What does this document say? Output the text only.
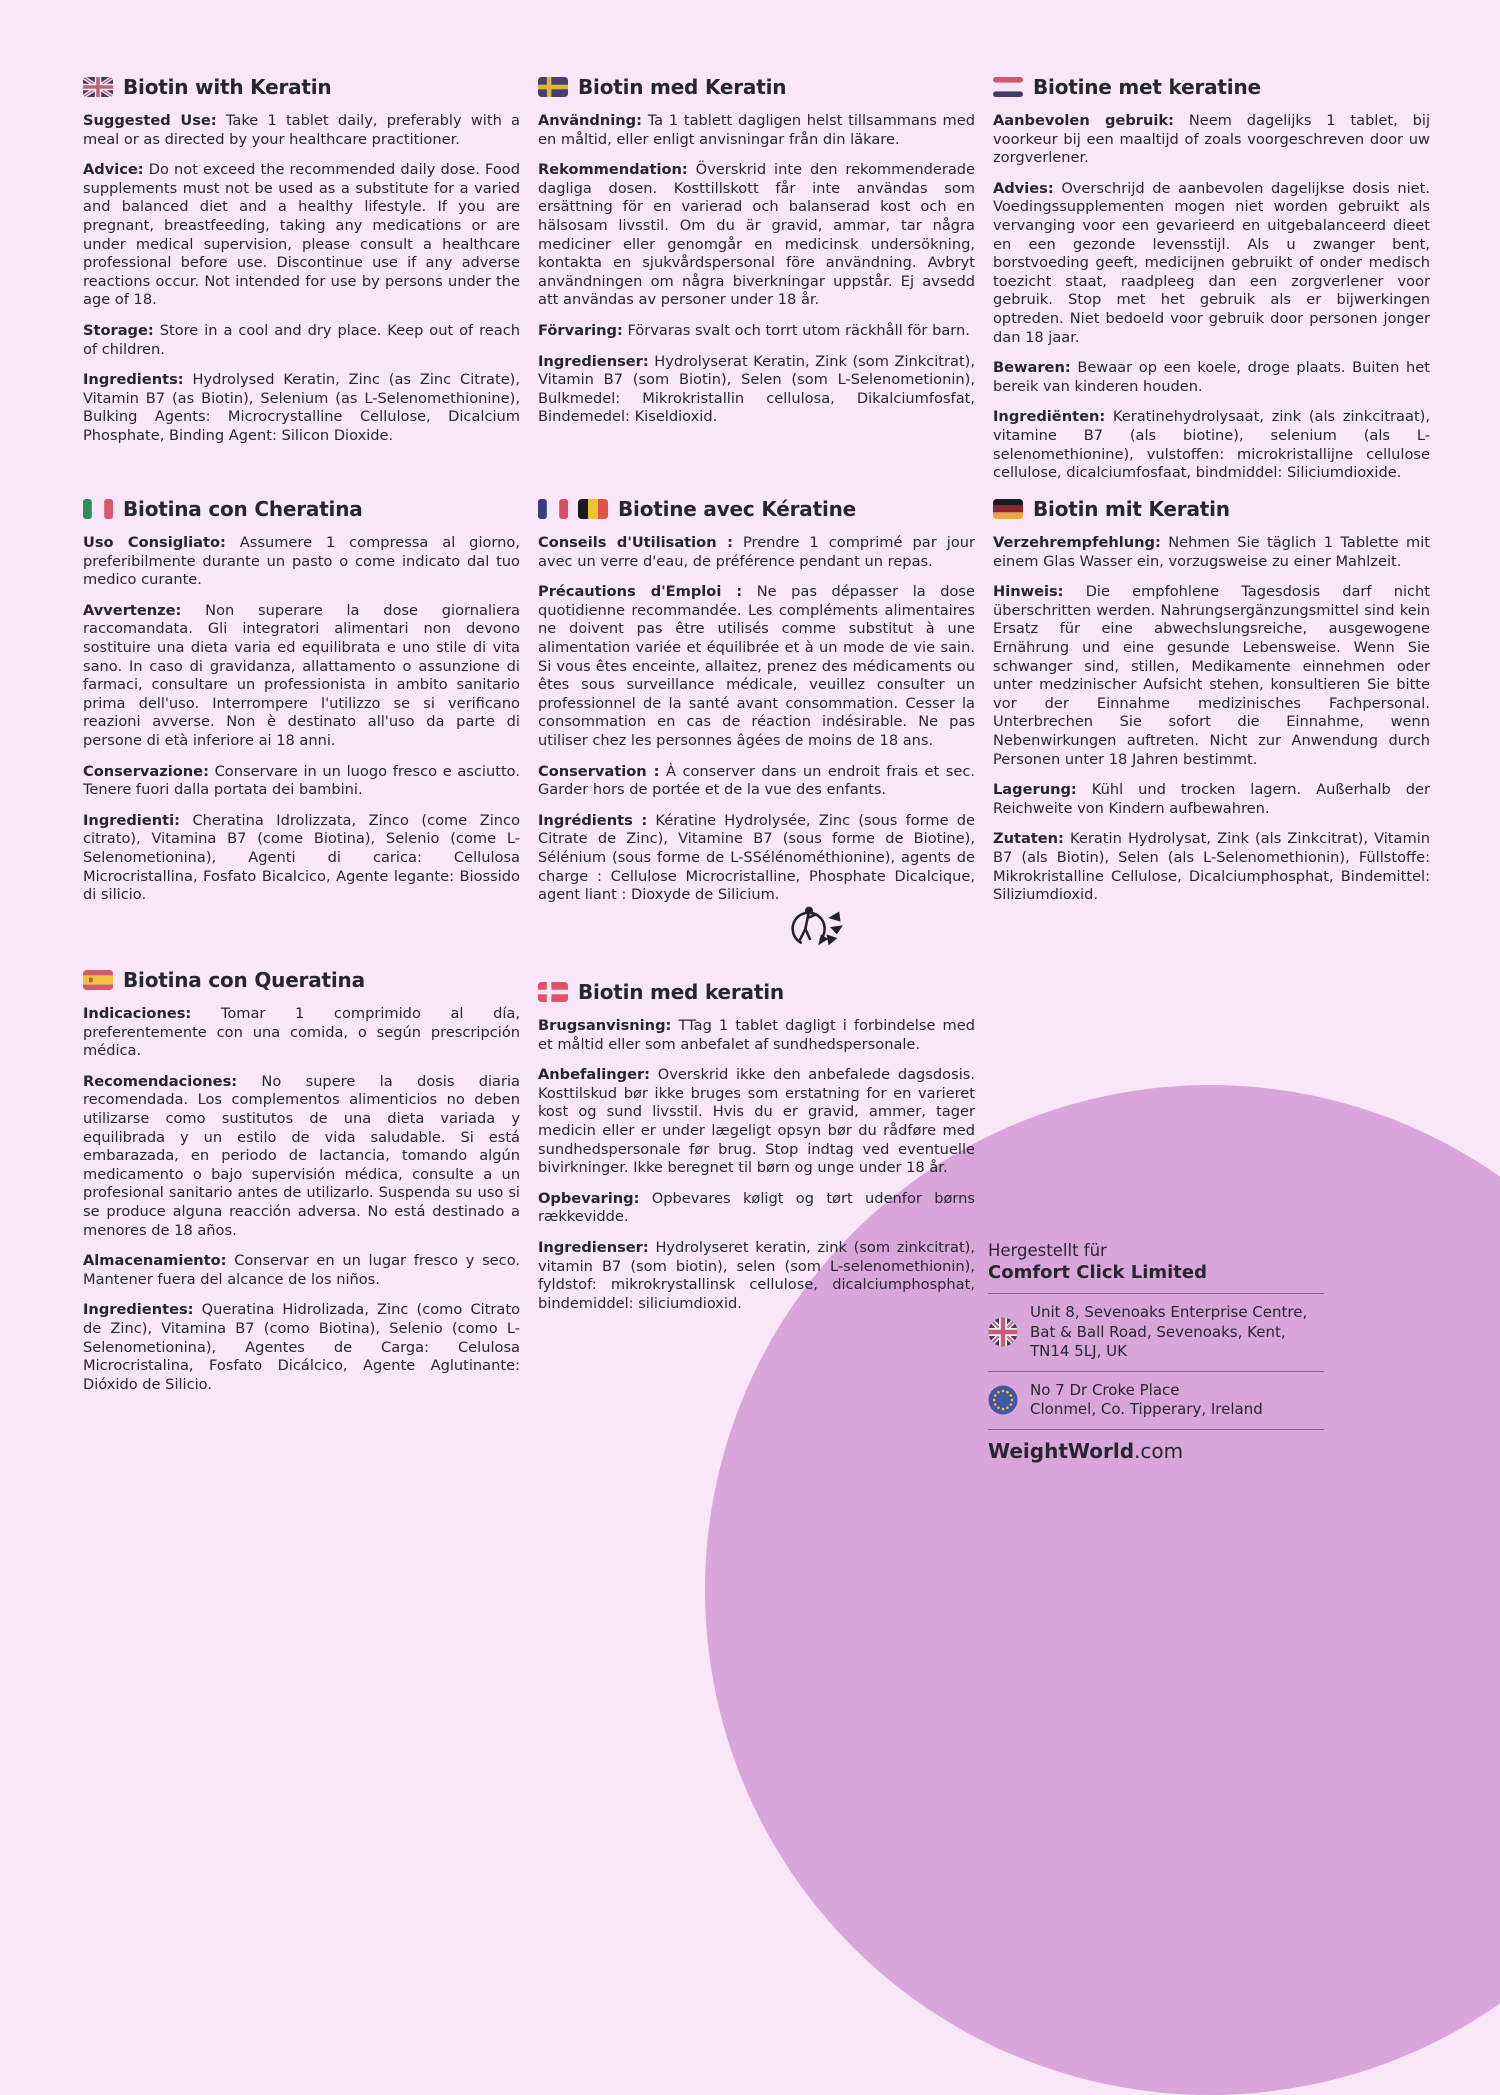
Biotin with Keratin

Suggested Use: Take 1 tablet daily, preferably with a meal or as directed by your healthcare practitioner.

Advice: Do not exceed the recommended daily dose. Food supplements must not be used as a substitute for a varied and balanced diet and a healthy lifestyle. If you are pregnant, breastfeeding, taking any medications or are under medical supervision, please consult a healthcare professional before use. Discontinue use if any adverse reactions occur. Not intended for use by persons under the age of 18.

Storage: Store in a cool and dry place. Keep out of reach of children.

Ingredients: Hydrolysed Keratin, Zinc (as Zinc Citrate), Vitamin B7 (as Biotin), Selenium (as L-Selenomethionine), Bulking Agents: Microcrystalline Cellulose, Dicalcium Phosphate, Binding Agent: Silicon Dioxide.

Biotin med Keratin

Användning: Ta 1 tablett dagligen helst tillsammans med en måltid, eller enligt anvisningar från din läkare.

Rekommendation: Överskrid inte den rekommenderade dagliga dosen. Kosttillskott får inte användas som ersättning för en varierad och balanserad kost och en hälsosam livsstil. Om du är gravid, ammar, tar några mediciner eller genomgår en medicinsk undersökning, kontakta en sjukvårdspersonal före användning. Avbryt användningen om några biverkningar uppstår. Ej avsedd att användas av personer under 18 år.

Förvaring: Förvaras svalt och torrt utom räckhåll för barn.

Ingredienser: Hydrolyserat Keratin, Zink (som Zinkcitrat), Vitamin B7 (som Biotin), Selen (som L-Selenometionin), Bulkmedel: Mikrokristallin cellulosa, Dikalciumfosfat, Bindemedel: Kiseldioxid.

Biotine met keratine

Aanbevolen gebruik: Neem dagelijks 1 tablet, bij voorkeur bij een maaltijd of zoals voorgeschreven door uw zorgverlener.

Advies: Overschrijd de aanbevolen dagelijkse dosis niet. Voedingssupplementen mogen niet worden gebruikt als vervanging voor een gevarieerd en uitgebalanceerd dieet en een gezonde levensstijl. Als u zwanger bent, borstvoeding geeft, medicijnen gebruikt of onder medisch toezicht staat, raadpleeg dan een zorgverlener voor gebruik. Stop met het gebruik als er bijwerkingen optreden. Niet bedoeld voor gebruik door personen jonger dan 18 jaar.

Bewaren: Bewaar op een koele, droge plaats. Buiten het bereik van kinderen houden.

Ingrediënten: Keratinehydrolysaat, zink (als zinkcitraat), vitamine B7 (als biotine), selenium (als L-selenomethionine), vulstoffen: microkristallijne cellulose cellulose, dicalciumfosfaat, bindmiddel: Siliciumdioxide.

Biotina con Cheratina

Uso Consigliato: Assumere 1 compressa al giorno, preferibilmente durante un pasto o come indicato dal tuo medico curante.

Avvertenze: Non superare la dose giornaliera raccomandata. Gli integratori alimentari non devono sostituire una dieta varia ed equilibrata e uno stile di vita sano. In caso di gravidanza, allattamento o assunzione di farmaci, consultare un professionista in ambito sanitario prima dell'uso. Interrompere l'utilizzo se si verificano reazioni avverse. Non è destinato all'uso da parte di persone di età inferiore ai 18 anni.

Conservazione: Conservare in un luogo fresco e asciutto. Tenere fuori dalla portata dei bambini.

Ingredienti: Cheratina Idrolizzata, Zinco (come Zinco citrato), Vitamina B7 (come Biotina), Selenio (come L-Selenometionina), Agenti di carica: Cellulosa Microcristallina, Fosfato Bicalcico, Agente legante: Biossido di silicio.

Biotine avec Kératine

Conseils d'Utilisation : Prendre 1 comprimé par jour avec un verre d'eau, de préférence pendant un repas.

Précautions d'Emploi : Ne pas dépasser la dose quotidienne recommandée. Les compléments alimentaires ne doivent pas être utilisés comme substitut à une alimentation variée et équilibrée et à un mode de vie sain. Si vous êtes enceinte, allaitez, prenez des médicaments ou êtes sous surveillance médicale, veuillez consulter un professionnel de la santé avant consommation. Cesser la consommation en cas de réaction indésirable. Ne pas utiliser chez les personnes âgées de moins de 18 ans.

Conservation : À conserver dans un endroit frais et sec. Garder hors de portée et de la vue des enfants.

Ingrédients : Kératine Hydrolysée, Zinc (sous forme de Citrate de Zinc), Vitamine B7 (sous forme de Biotine), Sélénium (sous forme de L-SSélénométhionine), agents de charge : Cellulose Microcristalline, Phosphate Dicalcique, agent liant : Dioxyde de Silicium.

Biotin mit Keratin

Verzehrempfehlung: Nehmen Sie täglich 1 Tablette mit einem Glas Wasser ein, vorzugsweise zu einer Mahlzeit.

Hinweis: Die empfohlene Tagesdosis darf nicht überschritten werden. Nahrungsergänzungsmittel sind kein Ersatz für eine abwechslungsreiche, ausgewogene Ernährung und eine gesunde Lebensweise. Wenn Sie schwanger sind, stillen, Medikamente einnehmen oder unter medzinischer Aufsicht stehen, konsultieren Sie bitte vor der Einnahme medizinisches Fachpersonal. Unterbrechen Sie sofort die Einnahme, wenn Nebenwirkungen auftreten. Nicht zur Anwendung durch Personen unter 18 Jahren bestimmt.

Lagerung: Kühl und trocken lagern. Außerhalb der Reichweite von Kindern aufbewahren.

Zutaten: Keratin Hydrolysat, Zink (als Zinkcitrat), Vitamin B7 (als Biotin), Selen (als L-Selenomethionin), Füllstoffe: Mikrokristalline Cellulose, Dicalciumphosphat, Bindemittel: Siliziumdioxid.

Biotina con Queratina

Indicaciones: Tomar 1 comprimido al día, preferentemente con una comida, o según prescripción médica.

Recomendaciones: No supere la dosis diaria recomendada. Los complementos alimenticios no deben utilizarse como sustitutos de una dieta variada y equilibrada y un estilo de vida saludable. Si está embarazada, en periodo de lactancia, tomando algún medicamento o bajo supervisión médica, consulte a un profesional sanitario antes de utilizarlo. Suspenda su uso si se produce alguna reacción adversa. No está destinado a menores de 18 años.

Almacenamiento: Conservar en un lugar fresco y seco. Mantener fuera del alcance de los niños.

Ingredientes: Queratina Hidrolizada, Zinc (como Citrato de Zinc), Vitamina B7 (como Biotina), Selenio (como L-Selenometionina), Agentes de Carga: Celulosa Microcristalina, Fosfato Dicálcico, Agente Aglutinante: Dióxido de Silicio.

Biotin med keratin

Brugsanvisning: TTag 1 tablet dagligt i forbindelse med et måltid eller som anbefalet af sundhedspersonale.

Anbefalinger: Overskrid ikke den anbefalede dagsdosis. Kosttilskud bør ikke bruges som erstatning for en varieret kost og sund livsstil. Hvis du er gravid, ammer, tager medicin eller er under lægeligt opsyn bør du rådføre med sundhedspersonale før brug. Stop indtag ved eventuelle bivirkninger. Ikke beregnet til børn og unge under 18 år.

Opbevaring: Opbevares køligt og tørt udenfor børns rækkevidde.

Ingredienser: Hydrolyseret keratin, zink (som zinkcitrat), vitamin B7 (som biotin), selen (som L-selenomethionin), fyldstof: mikrokrystallinsk cellulose, dicalciumphosphat, bindemiddel: siliciumdioxid.

Hergestellt für
Comfort Click Limited
Unit 8, Sevenoaks Enterprise Centre,
Bat & Ball Road, Sevenoaks, Kent,
TN14 5LJ, UK
No 7 Dr Croke Place
Clonmel, Co. Tipperary, Ireland
WeightWorld.com
